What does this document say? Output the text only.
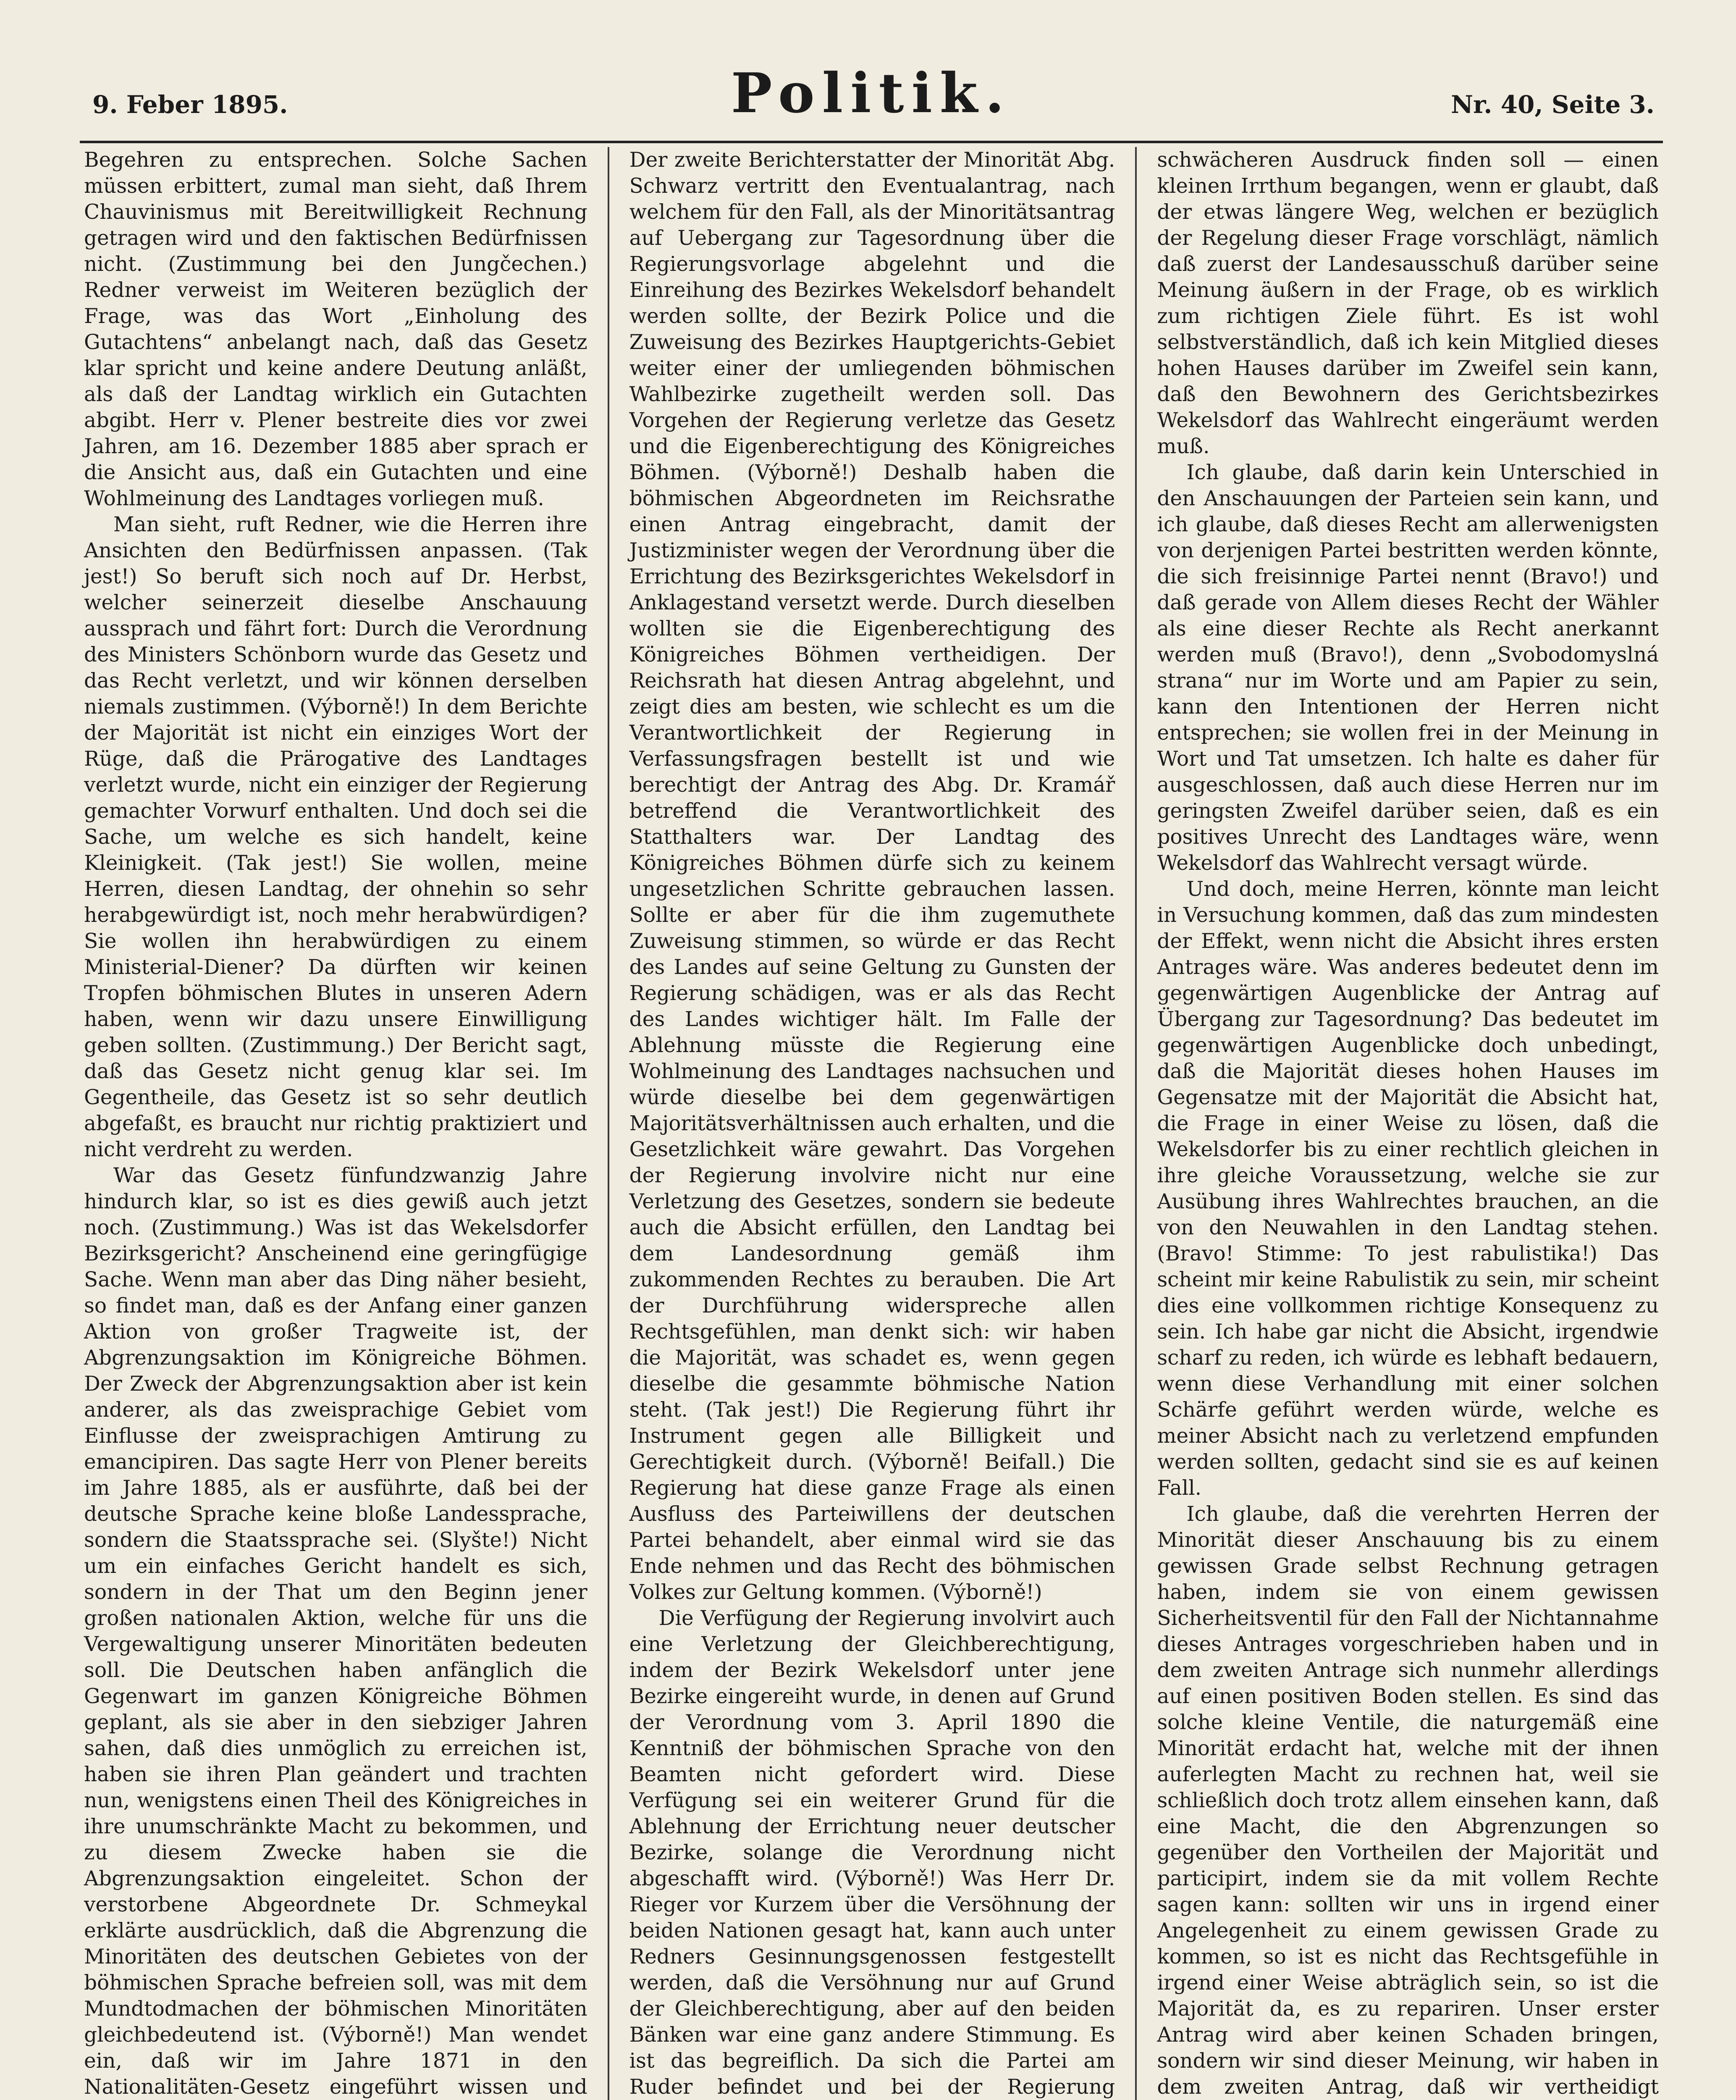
9. Feber 1895.	Politik.	Nr. 40, Seite 3.

Begehren zu entsprechen. Solche Sachen müssen erbittert, zumal man sieht, daß Ihrem Chauvinismus mit Bereitwilligkeit Rechnung getragen wird und den faktischen Bedürfnissen nicht. (Zustimmung bei den Jungčechen.) Redner verweist im Weiteren bezüglich der Frage, was das Wort „Einholung des Gutachtens“ anbelangt nach, daß das Gesetz klar spricht und keine andere Deutung anläßt, als daß der Landtag wirklich ein Gutachten abgibt. Herr v. Plener bestreite dies vor zwei Jahren, am 16. Dezember 1885 aber sprach er die Ansicht aus, daß ein Gutachten und eine Wohlmeinung des Landtages vorliegen muß.

Man sieht, ruft Redner, wie die Herren ihre Ansichten den Bedürfnissen anpassen. (Tak jest!) So beruft sich noch auf Dr. Herbst, welcher seinerzeit dieselbe Anschauung aussprach und fährt fort: Durch die Verordnung des Ministers Schönborn wurde das Gesetz und das Recht verletzt, und wir können derselben niemals zustimmen. (Výborně!) In dem Berichte der Majorität ist nicht ein einziges Wort der Rüge, daß die Prärogative des Landtages verletzt wurde, nicht ein einziger der Regierung gemachter Vorwurf enthalten. Und doch sei die Sache, um welche es sich handelt, keine Kleinigkeit. (Tak jest!) Sie wollen, meine Herren, diesen Landtag, der ohnehin so sehr herabgewürdigt ist, noch mehr herabwürdigen? Sie wollen ihn herabwürdigen zu einem Ministerial-Diener? Da dürften wir keinen Tropfen böhmischen Blutes in unseren Adern haben, wenn wir dazu unsere Einwilligung geben sollten. (Zustimmung.) Der Bericht sagt, daß das Gesetz nicht genug klar sei. Im Gegentheile, das Gesetz ist so sehr deutlich abgefaßt, es braucht nur richtig praktiziert und nicht verdreht zu werden.

War das Gesetz fünfundzwanzig Jahre hindurch klar, so ist es dies gewiß auch jetzt noch. (Zustimmung.) Was ist das Wekelsdorfer Bezirksgericht? Anscheinend eine geringfügige Sache. Wenn man aber das Ding näher besieht, so findet man, daß es der Anfang einer ganzen Aktion von großer Tragweite ist, der Abgrenzungsaktion im Königreiche Böhmen. Der Zweck der Abgrenzungsaktion aber ist kein anderer, als das zweisprachige Gebiet vom Einflusse der zweisprachigen Amtirung zu emancipiren. Das sagte Herr von Plener bereits im Jahre 1885, als er ausführte, daß bei der deutsche Sprache keine bloße Landessprache, sondern die Staatssprache sei. (Slyšte!) Nicht um ein einfaches Gericht handelt es sich, sondern in der That um den Beginn jener großen nationalen Aktion, welche für uns die Vergewaltigung unserer Minoritäten bedeuten soll. Die Deutschen haben anfänglich die Gegenwart im ganzen Königreiche Böhmen geplant, als sie aber in den siebziger Jahren sahen, daß dies unmöglich zu erreichen ist, haben sie ihren Plan geändert und trachten nun, wenigstens einen Theil des Königreiches in ihre unumschränkte Macht zu bekommen, und zu diesem Zwecke haben sie die Abgrenzungsaktion eingeleitet. Schon der verstorbene Abgeordnete Dr. Schmeykal erklärte ausdrücklich, daß die Abgrenzung die Minoritäten des deutschen Gebietes von der böhmischen Sprache befreien soll, was mit dem Mundtodmachen der böhmischen Minoritäten gleichbedeutend ist. (Výborně!) Man wendet ein, daß wir im Jahre 1871 in den Nationalitäten-Gesetz eingeführt wissen und

Der zweite Berichterstatter der Minorität Abg. Schwarz vertritt den Eventualantrag, nach welchem für den Fall, als der Minoritätsantrag auf Uebergang zur Tagesordnung über die Regierungsvorlage abgelehnt und die Einreihung des Bezirkes Wekelsdorf behandelt werden sollte, der Bezirk Police und die Zuweisung des Bezirkes Hauptgerichts-Gebiet weiter einer der umliegenden böhmischen Wahlbezirke zugetheilt werden soll. Das Vorgehen der Regierung verletze das Gesetz und die Eigenberechtigung des Königreiches Böhmen. (Výborně!) Deshalb haben die böhmischen Abgeordneten im Reichsrathe einen Antrag eingebracht, damit der Justizminister wegen der Verordnung über die Errichtung des Bezirksgerichtes Wekelsdorf in Anklagestand versetzt werde. Durch dieselben wollten sie die Eigenberechtigung des Königreiches Böhmen vertheidigen. Der Reichsrath hat diesen Antrag abgelehnt, und zeigt dies am besten, wie schlecht es um die Verantwortlichkeit der Regierung in Verfassungsfragen bestellt ist und wie berechtigt der Antrag des Abg. Dr. Kramář betreffend die Verantwortlichkeit des Statthalters war. Der Landtag des Königreiches Böhmen dürfe sich zu keinem ungesetzlichen Schritte gebrauchen lassen. Sollte er aber für die ihm zugemuthete Zuweisung stimmen, so würde er das Recht des Landes auf seine Geltung zu Gunsten der Regierung schädigen, was er als das Recht des Landes wichtiger hält. Im Falle der Ablehnung müsste die Regierung eine Wohlmeinung des Landtages nachsuchen und würde dieselbe bei dem gegenwärtigen Majoritätsverhältnissen auch erhalten, und die Gesetzlichkeit wäre gewahrt. Das Vorgehen der Regierung involvire nicht nur eine Verletzung des Gesetzes, sondern sie bedeute auch die Absicht erfüllen, den Landtag bei dem Landesordnung gemäß ihm zukommenden Rechtes zu berauben. Die Art der Durchführung widerspreche allen Rechtsgefühlen, man denkt sich: wir haben die Majorität, was schadet es, wenn gegen dieselbe die gesammte böhmische Nation steht. (Tak jest!) Die Regierung führt ihr Instrument gegen alle Billigkeit und Gerechtigkeit durch. (Výborně! Beifall.) Die Regierung hat diese ganze Frage als einen Ausfluss des Parteiwillens der deutschen Partei behandelt, aber einmal wird sie das Ende nehmen und das Recht des böhmischen Volkes zur Geltung kommen. (Výborně!)

Die Verfügung der Regierung involvirt auch eine Verletzung der Gleichberechtigung, indem der Bezirk Wekelsdorf unter jene Bezirke eingereiht wurde, in denen auf Grund der Verordnung vom 3. April 1890 die Kenntniß der böhmischen Sprache von den Beamten nicht gefordert wird. Diese Verfügung sei ein weiterer Grund für die Ablehnung der Errichtung neuer deutscher Bezirke, solange die Verordnung nicht abgeschafft wird. (Výborně!) Was Herr Dr. Rieger vor Kurzem über die Versöhnung der beiden Nationen gesagt hat, kann auch unter Redners Gesinnungsgenossen festgestellt werden, daß die Versöhnung nur auf Grund der Gleichberechtigung, aber auf den beiden Bänken war eine ganz andere Stimmung. Es ist das begreiflich. Da sich die Partei am Ruder befindet und bei der Regierung

schwächeren Ausdruck finden soll — einen kleinen Irrthum begangen, wenn er glaubt, daß der etwas längere Weg, welchen er bezüglich der Regelung dieser Frage vorschlägt, nämlich daß zuerst der Landesausschuß darüber seine Meinung äußern in der Frage, ob es wirklich zum richtigen Ziele führt. Es ist wohl selbstverständlich, daß ich kein Mitglied dieses hohen Hauses darüber im Zweifel sein kann, daß den Bewohnern des Gerichtsbezirkes Wekelsdorf das Wahlrecht eingeräumt werden muß.

Ich glaube, daß darin kein Unterschied in den Anschauungen der Parteien sein kann, und ich glaube, daß dieses Recht am allerwenigsten von derjenigen Partei bestritten werden könnte, die sich freisinnige Partei nennt (Bravo!) und daß gerade von Allem dieses Recht der Wähler als eine dieser Rechte als Recht anerkannt werden muß (Bravo!), denn „Svobodomyslná strana“ nur im Worte und am Papier zu sein, kann den Intentionen der Herren nicht entsprechen; sie wollen frei in der Meinung in Wort und Tat umsetzen. Ich halte es daher für ausgeschlossen, daß auch diese Herren nur im geringsten Zweifel darüber seien, daß es ein positives Unrecht des Landtages wäre, wenn Wekelsdorf das Wahlrecht versagt würde.

Und doch, meine Herren, könnte man leicht in Versuchung kommen, daß das zum mindesten der Effekt, wenn nicht die Absicht ihres ersten Antrages wäre. Was anderes bedeutet denn im gegenwärtigen Augenblicke der Antrag auf Übergang zur Tagesordnung? Das bedeutet im gegenwärtigen Augenblicke doch unbedingt, daß die Majorität dieses hohen Hauses im Gegensatze mit der Majorität die Absicht hat, die Frage in einer Weise zu lösen, daß die Wekelsdorfer bis zu einer rechtlich gleichen in ihre gleiche Voraussetzung, welche sie zur Ausübung ihres Wahlrechtes brauchen, an die von den Neuwahlen in den Landtag stehen. (Bravo! Stimme: To jest rabulistika!) Das scheint mir keine Rabulistik zu sein, mir scheint dies eine vollkommen richtige Konsequenz zu sein. Ich habe gar nicht die Absicht, irgendwie scharf zu reden, ich würde es lebhaft bedauern, wenn diese Verhandlung mit einer solchen Schärfe geführt werden würde, welche es meiner Absicht nach zu verletzend empfunden werden sollten, gedacht sind sie es auf keinen Fall.

Ich glaube, daß die verehrten Herren der Minorität dieser Anschauung bis zu einem gewissen Grade selbst Rechnung getragen haben, indem sie von einem gewissen Sicherheitsventil für den Fall der Nichtannahme dieses Antrages vorgeschrieben haben und in dem zweiten Antrage sich nunmehr allerdings auf einen positiven Boden stellen. Es sind das solche kleine Ventile, die naturgemäß eine Minorität erdacht hat, welche mit der ihnen auferlegten Macht zu rechnen hat, weil sie schließlich doch trotz allem einsehen kann, daß eine Macht, die den Abgrenzungen so gegenüber den Vortheilen der Majorität und participirt, indem sie da mit vollem Rechte sagen kann: sollten wir uns in irgend einer Angelegenheit zu einem gewissen Grade zu kommen, so ist es nicht das Rechtsgefühle in irgend einer Weise abträglich sein, so ist die Majorität da, es zu repariren. Unser erster Antrag wird aber keinen Schaden bringen, sondern wir sind dieser Meinung, wir haben in dem zweiten Antrag, daß wir vertheidigt
